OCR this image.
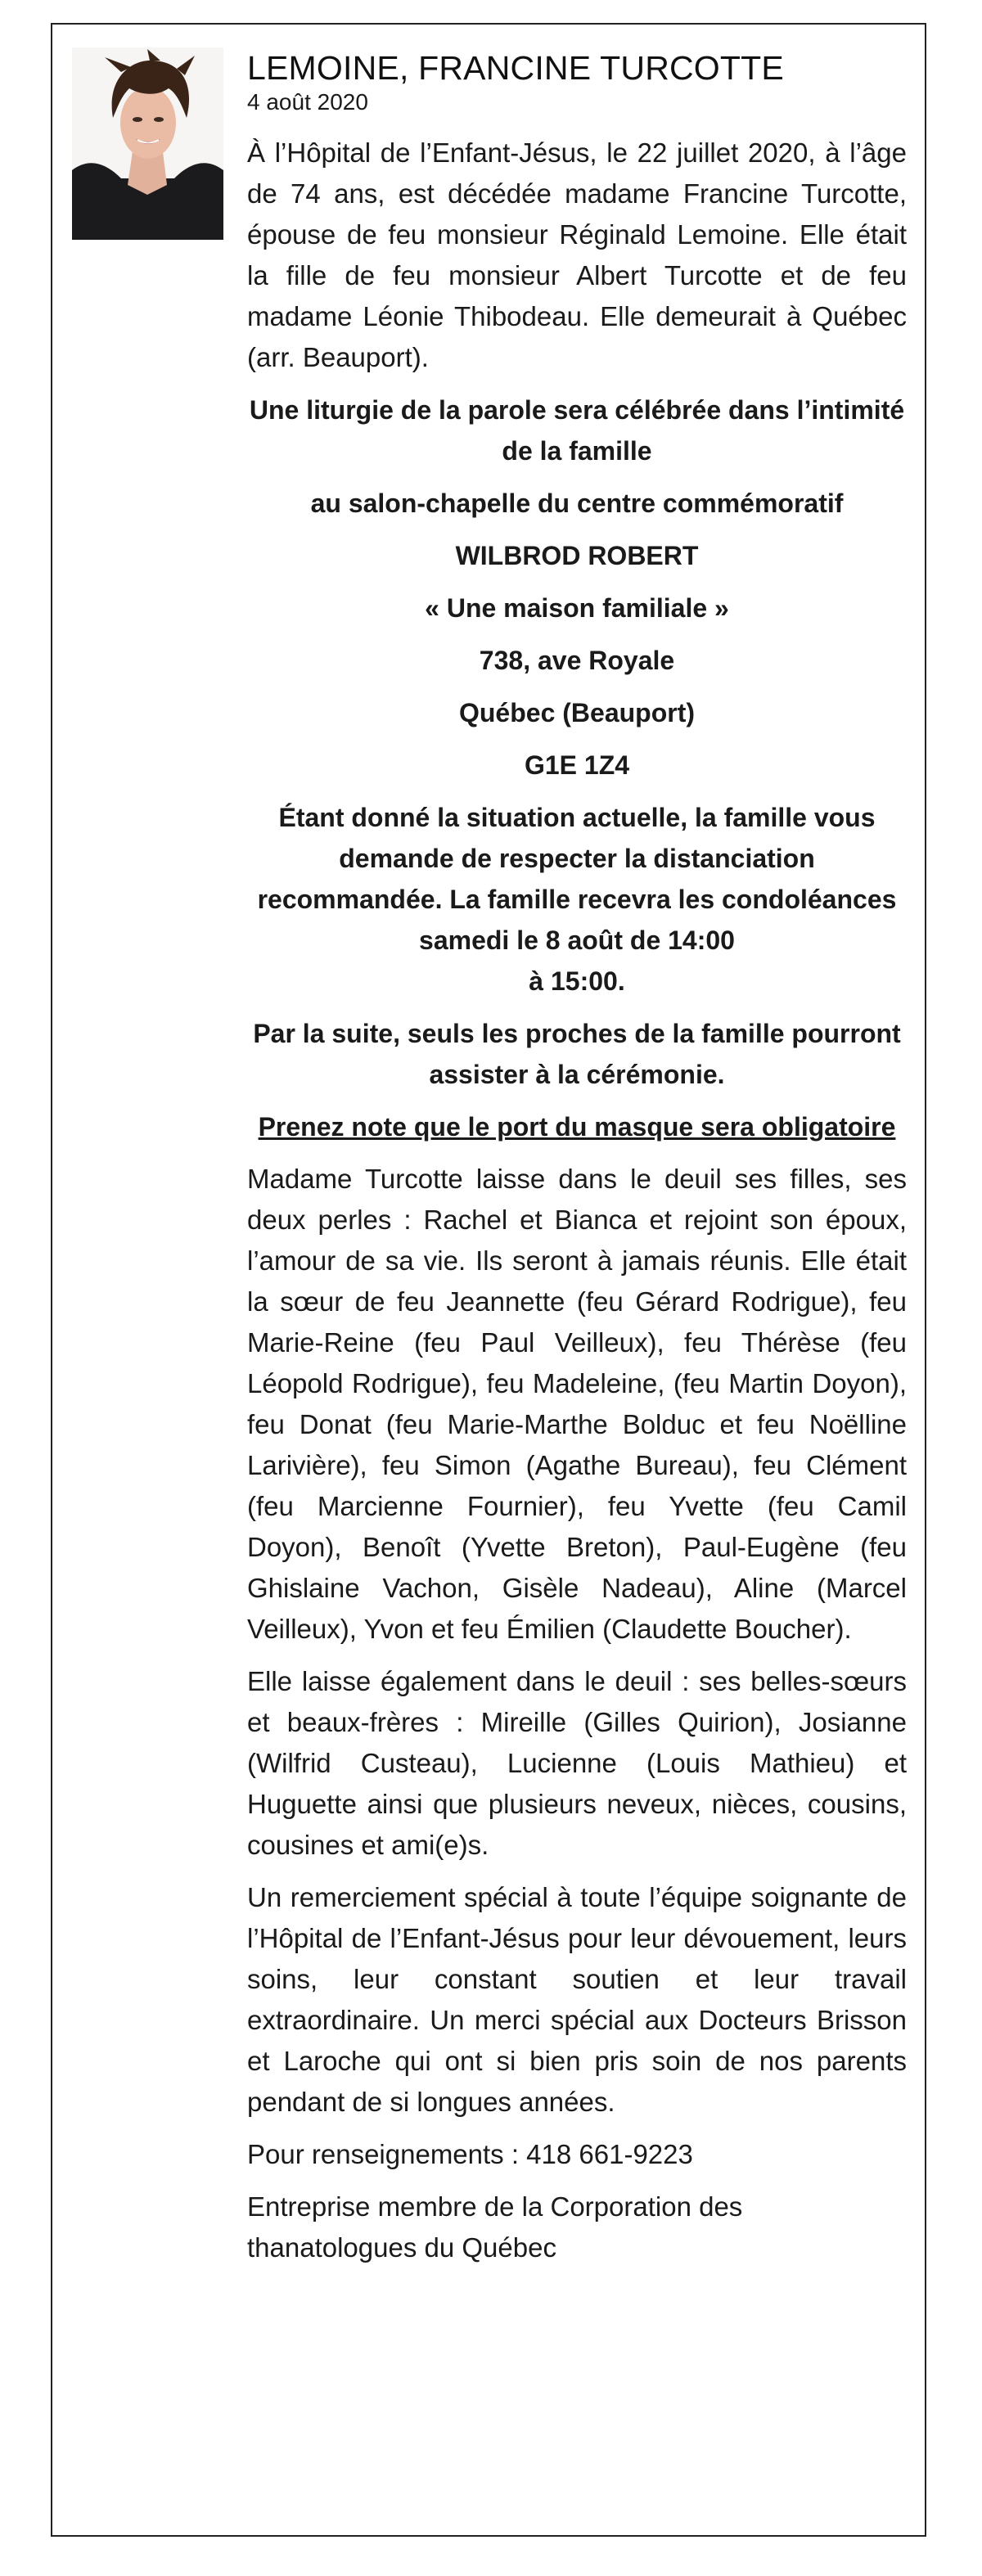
LEMOINE, FRANCINE TURCOTTE
4 août 2020

À l’Hôpital de l’Enfant-Jésus, le 22 juillet 2020, à l’âge de 74 ans, est décédée madame Francine Turcotte, épouse de feu monsieur Réginald Lemoine. Elle était la fille de feu monsieur Albert Turcotte et de feu madame Léonie Thibodeau. Elle demeurait à Québec (arr. Beauport).

Une liturgie de la parole sera célébrée dans l’intimité de la famille

au salon-chapelle du centre commémoratif

WILBROD ROBERT

« Une maison familiale »

738, ave Royale

Québec (Beauport)

G1E 1Z4

Étant donné la situation actuelle, la famille vous demande de respecter la distanciation recommandée. La famille recevra les condoléances samedi le 8 août de 14:00

à 15:00.

Par la suite, seuls les proches de la famille pourront assister à la cérémonie.

Prenez note que le port du masque sera obligatoire

Madame Turcotte laisse dans le deuil ses filles, ses deux perles : Rachel et Bianca et rejoint son époux, l’amour de sa vie. Ils seront à jamais réunis. Elle était la sœur de feu Jeannette (feu Gérard Rodrigue), feu Marie-Reine (feu Paul Veilleux), feu Thérèse (feu Léopold Rodrigue), feu Madeleine, (feu Martin Doyon), feu Donat (feu Marie-Marthe Bolduc et feu Noëlline Larivière), feu Simon (Agathe Bureau), feu Clément (feu Marcienne Fournier), feu Yvette (feu Camil Doyon), Benoît (Yvette Breton), Paul-Eugène (feu Ghislaine Vachon, Gisèle Nadeau), Aline (Marcel Veilleux), Yvon et feu Émilien (Claudette Boucher).

Elle laisse également dans le deuil : ses belles-sœurs et beaux-frères : Mireille (Gilles Quirion), Josianne (Wilfrid Custeau), Lucienne (Louis Mathieu) et Huguette ainsi que plusieurs neveux, nièces, cousins, cousines et ami(e)s.

Un remerciement spécial à toute l’équipe soignante de l’Hôpital de l’Enfant-Jésus pour leur dévouement, leurs soins, leur constant soutien et leur travail extraordinaire. Un merci spécial aux Docteurs Brisson et Laroche qui ont si bien pris soin de nos parents pendant de si longues années.

Pour renseignements : 418 661-9223

Entreprise membre de la Corporation des thanatologues du Québec
